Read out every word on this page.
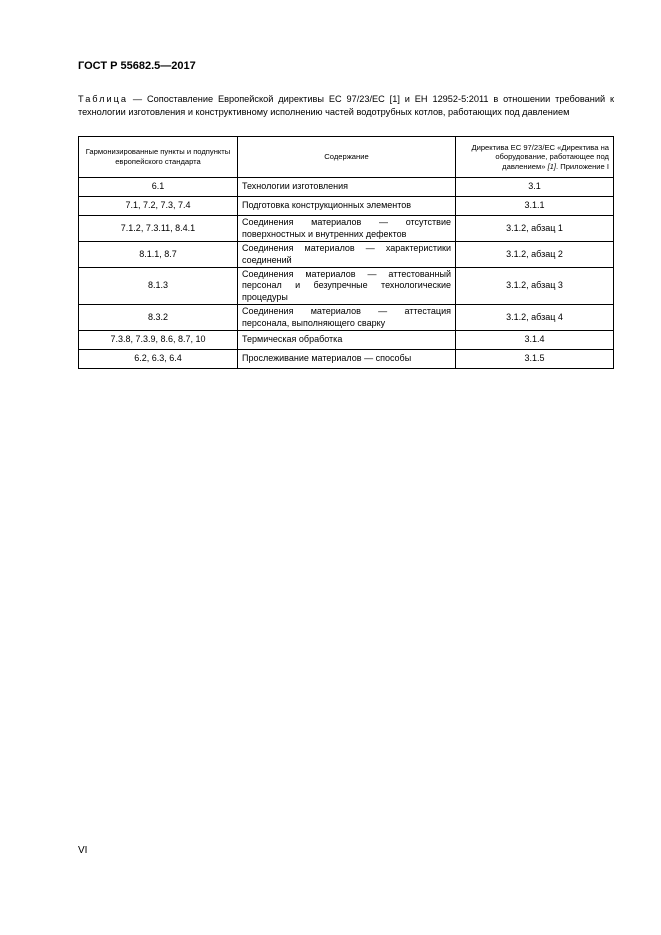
ГОСТ Р 55682.5—2017
Таблица — Сопоставление Европейской директивы ЕС 97/23/ЕС [1] и ЕН 12952-5:2011 в отношении требований к технологии изготовления и конструктивному исполнению частей водотрубных котлов, работающих под давлением
Гармонизированные пункты и подпункты европейского стандарта	Содержание	Директива ЕС 97/23/ЕС «Директива на оборудование, работающее под давлением» [1]. Приложение I
6.1	Технологии изготовления	3.1
7.1, 7.2, 7.3, 7.4	Подготовка конструкционных элементов	3.1.1
7.1.2, 7.3.11, 8.4.1	Соединения материалов — отсутствие поверхностных и внутренних дефектов	3.1.2, абзац 1
8.1.1, 8.7	Соединения материалов — характеристики соединений	3.1.2, абзац 2
8.1.3	Соединения материалов — аттестованный персонал и безупречные технологические процедуры	3.1.2, абзац 3
8.3.2	Соединения материалов — аттестация персонала, выполняющего сварку	3.1.2, абзац 4
7.3.8, 7.3.9, 8.6, 8.7, 10	Термическая обработка	3.1.4
6.2, 6.3, 6.4	Прослеживание материалов — способы	3.1.5
VI
